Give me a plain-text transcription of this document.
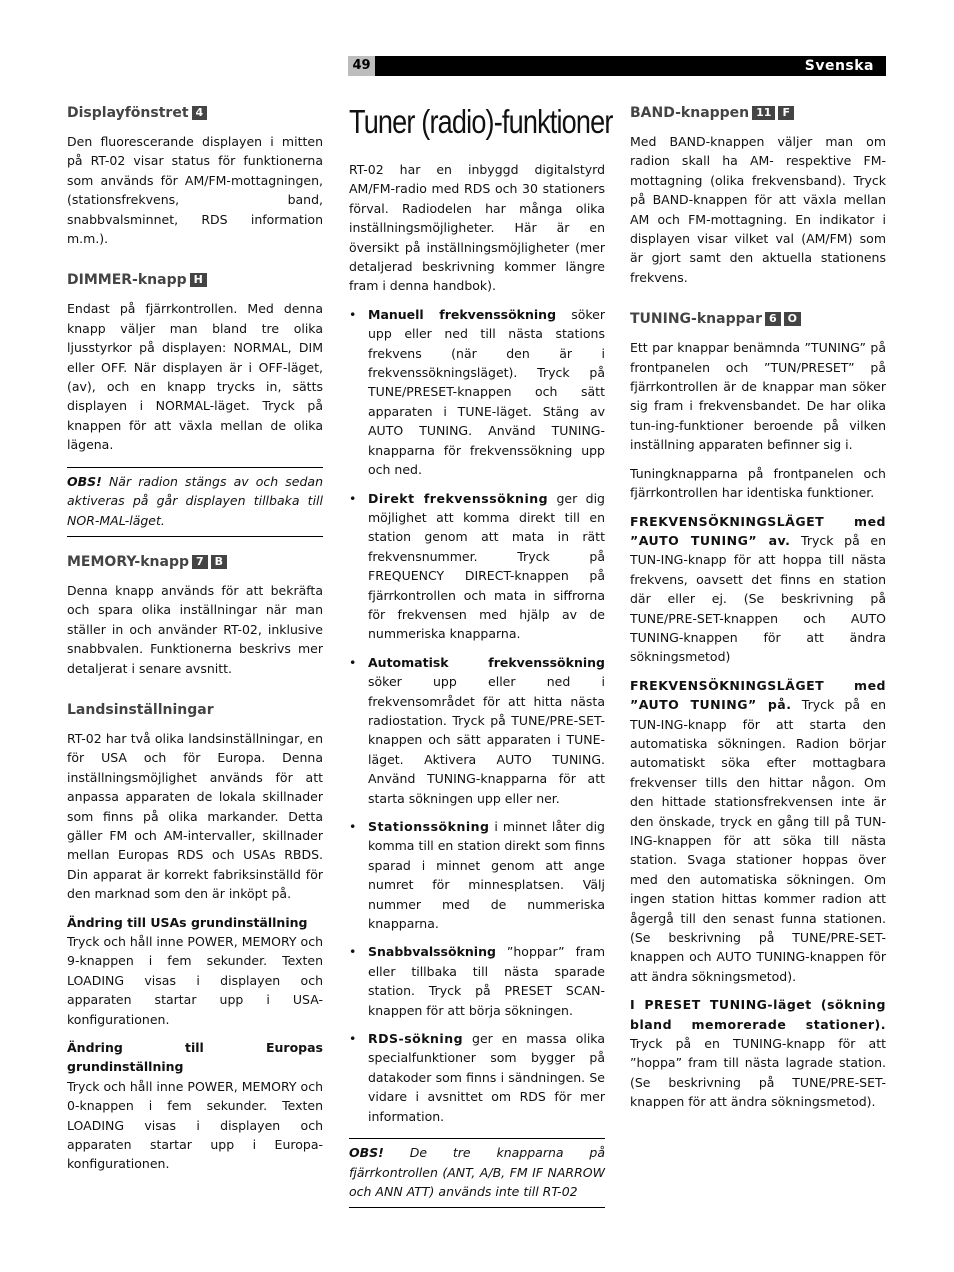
49	Svenska
Displayfönstret 4

Den fluorescerande displayen i mitten på RT-02 visar status för funktionerna som används för AM/FM-mottagningen, (stationsfrekvens, band, snabbvalsminnet, RDS information m.m.).

DIMMER-knapp H

Endast på fjärrkontrollen. Med denna knapp väljer man bland tre olika ljusstyrkor på displayen: NORMAL, DIM eller OFF. När displayen är i OFF-läget, (av), och en knapp trycks in, sätts displayen i NORMAL-läget. Tryck på knappen för att växla mellan de olika lägena.

OBS! När radion stängs av och sedan aktiveras på går displayen tillbaka till NOR-MAL-läget.

MEMORY-knapp 7 B

Denna knapp används för att bekräfta och spara olika inställningar när man ställer in och använder RT-02, inklusive snabbvalen. Funktionerna beskrivs mer detaljerat i senare avsnitt.

Landsinställningar

RT-02 har två olika landsinställningar, en för USA och för Europa. Denna inställningsmöjlighet används för att anpassa apparaten de lokala skillnader som finns på olika markander. Detta gäller FM och AM-intervaller, skillnader mellan Europas RDS och USAs RBDS. Din apparat är korrekt fabriksinställd för den marknad som den är inköpt på.

Ändring till USAs grundinställning
Tryck och håll inne POWER, MEMORY och 9-knappen i fem sekunder. Texten LOADING visas i displayen och apparaten startar upp i USA-konfigurationen.

Ändring till Europas grundinställning
Tryck och håll inne POWER, MEMORY och 0-knappen i fem sekunder. Texten LOADING visas i displayen och apparaten startar upp i Europa-konfigurationen.

Tuner (radio)-funktioner

RT-02 har en inbyggd digitalstyrd AM/FM-radio med RDS och 30 stationers förval. Radiodelen har många olika inställningsmöjligheter. Här är en översikt på inställningsmöjligheter (mer detaljerad beskrivning kommer längre fram i denna handbok).

• Manuell frekvenssökning söker upp eller ned till nästa stations frekvens (när den är i frekvenssökningsläget). Tryck på TUNE/PRESET-knappen och sätt apparaten i TUNE-läget. Stäng av AUTO TUNING. Använd TUNING-knapparna för frekvenssökning upp och ned.
• Direkt frekvenssökning ger dig möjlighet att komma direkt till en station genom att mata in rätt frekvensnummer. Tryck på FREQUENCY DIRECT-knappen på fjärrkontrollen och mata in siffrorna för frekvensen med hjälp av de nummeriska knapparna.
• Automatisk frekvenssökning söker upp eller ned i frekvensområdet för att hitta nästa radiostation. Tryck på TUNE/PRE-SET-knappen och sätt apparaten i TUNE-läget. Aktivera AUTO TUNING. Använd TUNING-knapparna för att starta sökningen upp eller ner.
• Stationssökning i minnet låter dig komma till en station direkt som finns sparad i minnet genom att ange numret för minnesplatsen. Välj nummer med de nummeriska knapparna.
• Snabbvalssökning ”hoppar” fram eller tillbaka till nästa sparade station. Tryck på PRESET SCAN-knappen för att börja sökningen.
• RDS-sökning ger en massa olika specialfunktioner som bygger på datakoder som finns i sändningen. Se vidare i avsnittet om RDS för mer information.

OBS! De tre knapparna på fjärrkontrollen (ANT, A/B, FM IF NARROW och ANN ATT) används inte till RT-02

BAND-knappen 11 F

Med BAND-knappen väljer man om radion skall ha AM- respektive FM-mottagning (olika frekvensband). Tryck på BAND-knappen för att växla mellan AM och FM-mottagning. En indikator i displayen visar vilket val (AM/FM) som är gjort samt den aktuella stationens frekvens.

TUNING-knappar 6 O

Ett par knappar benämnda ”TUNING” på frontpanelen och ”TUN/PRESET” på fjärrkontrollen är de knappar man söker sig fram i frekvensbandet. De har olika tun-ing-funktioner beroende på vilken inställning apparaten befinner sig i.

Tuningknapparna på frontpanelen och fjärrkontrollen har identiska funktioner.

FREKVENSÖKNINGSLÄGET med ”AUTO TUNING” av. Tryck på en TUN-ING-knapp för att hoppa till nästa frekvens, oavsett det finns en station där eller ej. (Se beskrivning på TUNE/PRE-SET-knappen och AUTO TUNING-knappen för att ändra sökningsmetod)

FREKVENSÖKNINGSLÄGET med ”AUTO TUNING” på. Tryck på en TUN-ING-knapp för att starta den automatiska sökningen. Radion börjar automatiskt söka efter mottagbara frekvenser tills den hittar någon. Om den hittade stationsfrekvensen inte är den önskade, tryck en gång till på TUN-ING-knappen för att söka till nästa station. Svaga stationer hoppas över med den automatiska sökningen. Om ingen station hittas kommer radion att ågergå till den senast funna stationen. (Se beskrivning på TUNE/PRE-SET-knappen och AUTO TUNING-knappen för att ändra sökningsmetod).

I PRESET TUNING-läget (sökning bland memorerade stationer). Tryck på en TUNING-knapp för att ”hoppa” fram till nästa lagrade station. (Se beskrivning på TUNE/PRE-SET-knappen för att ändra sökningsmetod).
